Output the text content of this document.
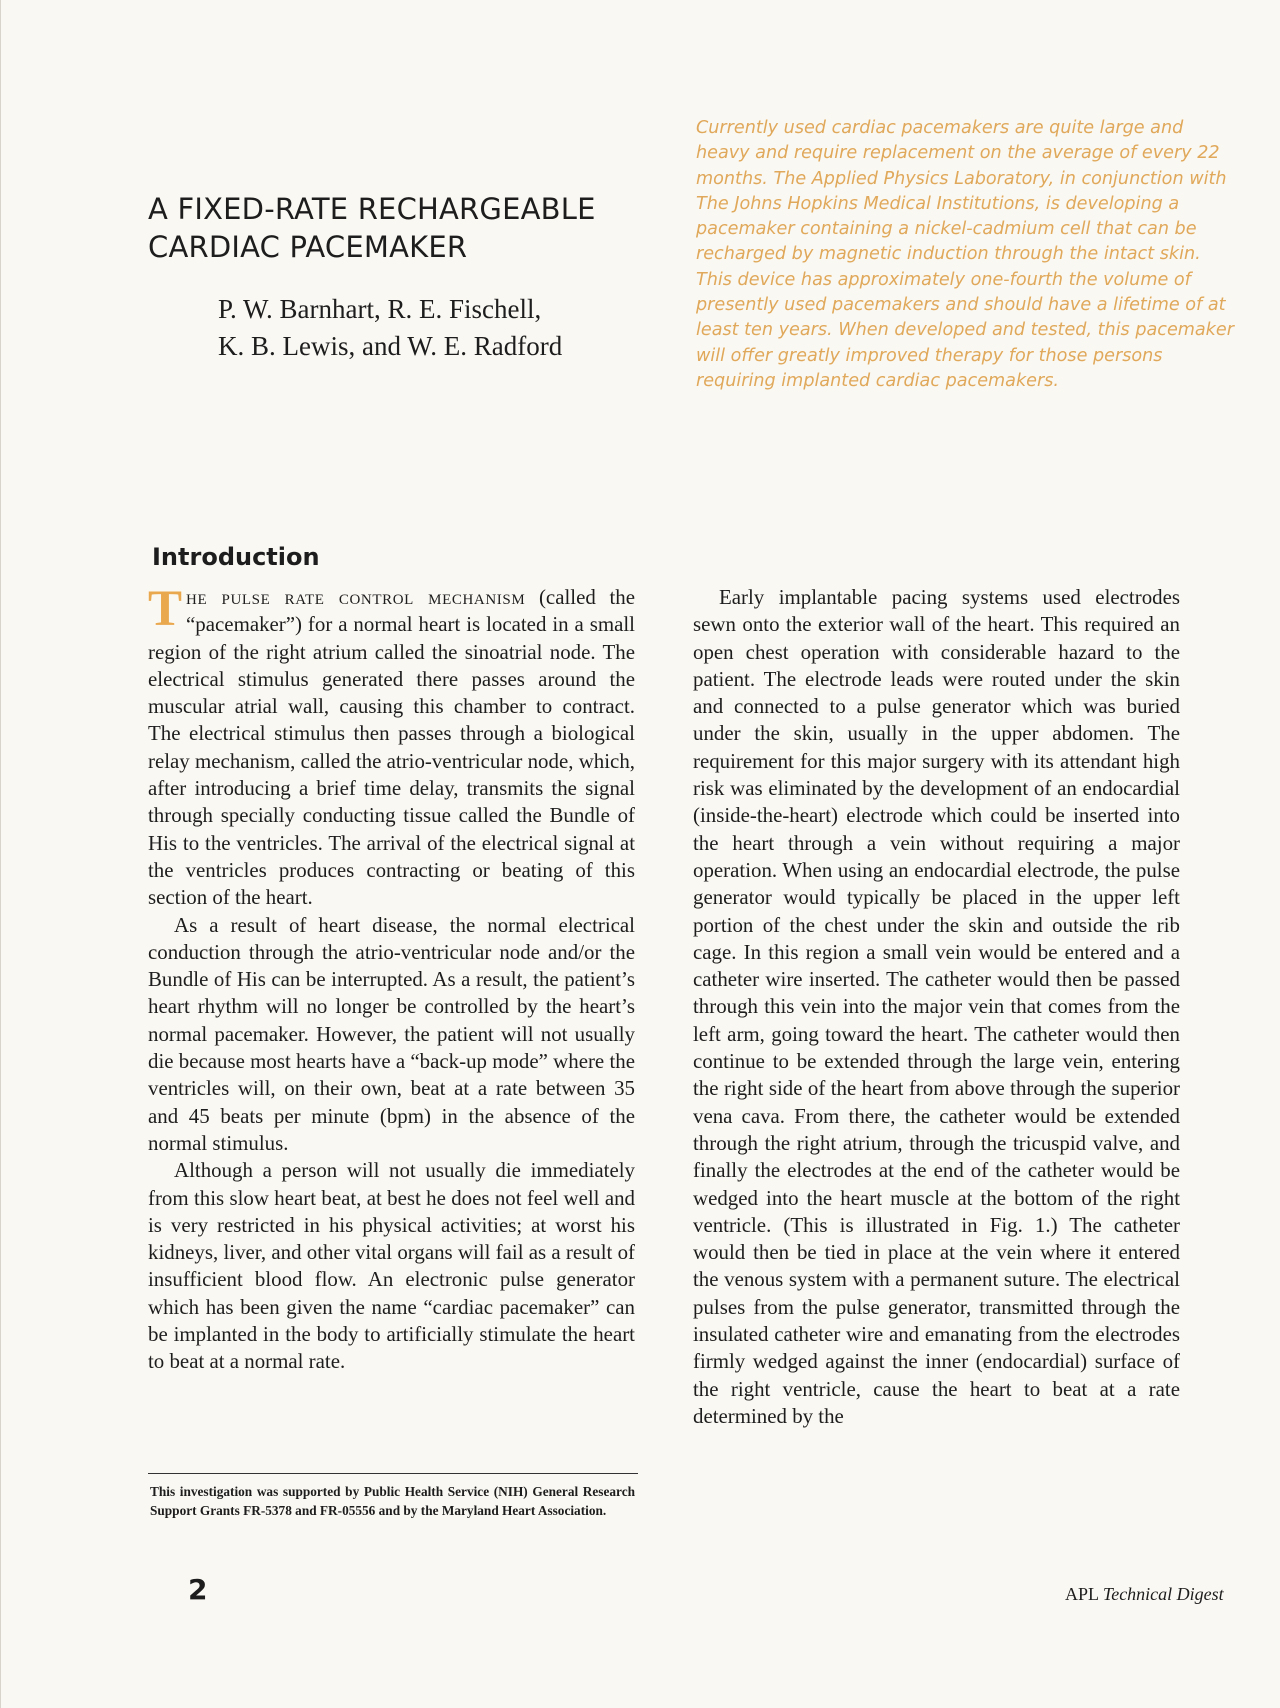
A FIXED-RATE RECHARGEABLE CARDIAC PACEMAKER
P. W. Barnhart, R. E. Fischell,
K. B. Lewis, and W. E. Radford
Currently used cardiac pacemakers are quite large and heavy and require replacement on the average of every 22 months. The Applied Physics Laboratory, in conjunction with The Johns Hopkins Medical Institutions, is developing a pacemaker containing a nickel-cadmium cell that can be recharged by magnetic induction through the intact skin. This device has approximately one-fourth the volume of presently used pacemakers and should have a lifetime of at least ten years. When developed and tested, this pacemaker will offer greatly improved therapy for those persons requiring implanted cardiac pacemakers.
Introduction

The pulse rate control mechanism (called the “pacemaker”) for a normal heart is located in a small region of the right atrium called the sinoatrial node. The electrical stimulus generated there passes around the muscular atrial wall, causing this chamber to contract. The electrical stimulus then passes through a biological relay mechanism, called the atrio-ventricular node, which, after introducing a brief time delay, transmits the signal through specially conducting tissue called the Bundle of His to the ventricles. The arrival of the electrical signal at the ventricles produces contracting or beating of this section of the heart.

As a result of heart disease, the normal electrical conduction through the atrio-ventricular node and/or the Bundle of His can be interrupted. As a result, the patient’s heart rhythm will no longer be controlled by the heart’s normal pacemaker. However, the patient will not usually die because most hearts have a “back-up mode” where the ventricles will, on their own, beat at a rate between 35 and 45 beats per minute (bpm) in the absence of the normal stimulus.

Although a person will not usually die immediately from this slow heart beat, at best he does not feel well and is very restricted in his physical activities; at worst his kidneys, liver, and other vital organs will fail as a result of insufficient blood flow. An electronic pulse generator which has been given the name “cardiac pacemaker” can be implanted in the body to artificially stimulate the heart to beat at a normal rate.

Early implantable pacing systems used electrodes sewn onto the exterior wall of the heart. This required an open chest operation with considerable hazard to the patient. The electrode leads were routed under the skin and connected to a pulse generator which was buried under the skin, usually in the upper abdomen. The requirement for this major surgery with its attendant high risk was eliminated by the development of an endocardial (inside-the-heart) electrode which could be inserted into the heart through a vein without requiring a major operation. When using an endocardial electrode, the pulse generator would typically be placed in the upper left portion of the chest under the skin and outside the rib cage. In this region a small vein would be entered and a catheter wire inserted. The catheter would then be passed through this vein into the major vein that comes from the left arm, going toward the heart. The catheter would then continue to be extended through the large vein, entering the right side of the heart from above through the superior vena cava. From there, the catheter would be extended through the right atrium, through the tricuspid valve, and finally the electrodes at the end of the catheter would be wedged into the heart muscle at the bottom of the right ventricle. (This is illustrated in Fig. 1.) The catheter would then be tied in place at the vein where it entered the venous system with a permanent suture. The electrical pulses from the pulse generator, transmitted through the insulated catheter wire and emanating from the electrodes firmly wedged against the inner (endocardial) surface of the right ventricle, cause the heart to beat at a rate determined by the

This investigation was supported by Public Health Service (NIH) General Research Support Grants FR-5378 and FR-05556 and by the Maryland Heart Association.
2	APL Technical Digest
